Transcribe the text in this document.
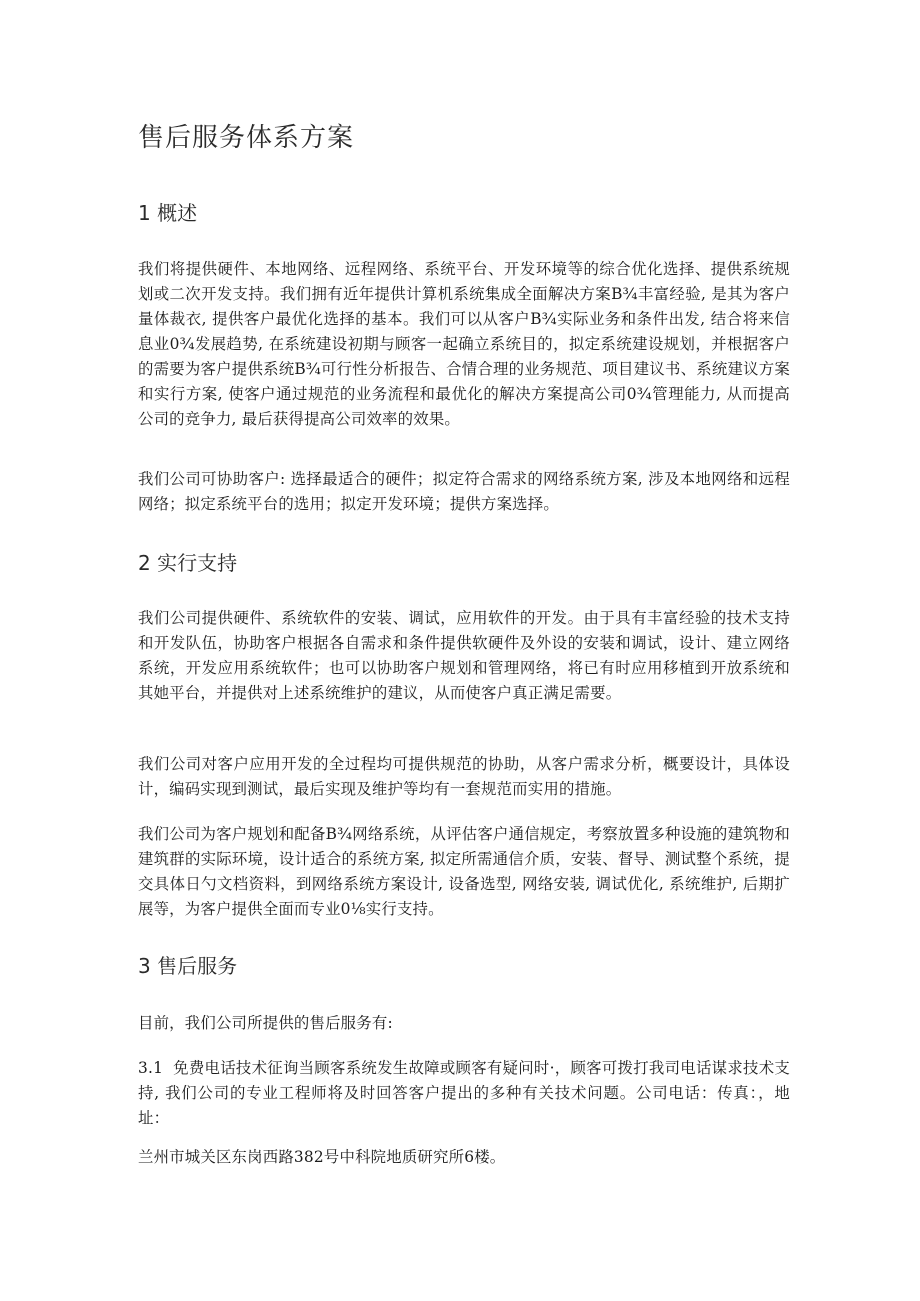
售后服务体系方案
1 概述

我们将提供硬件、本地网络、远程网络、系统平台、开发环境等的综合优化选择、提供系统规划或二次开发支持。我们拥有近年提供计算机系统集成全面解决方案B¾丰富经验, 是其为客户量体裁衣, 提供客户最优化选择的基本。我们可以从客户B¾实际业务和条件出发, 结合将来信息业0¾发展趋势, 在系统建设初期与顾客一起确立系统目的，拟定系统建设规划，并根据客户的需要为客户提供系统B¾可行性分析报告、合情合理的业务规范、项目建议书、系统建议方案和实行方案, 使客户通过规范的业务流程和最优化的解决方案提高公司0¾管理能力, 从而提高公司的竞争力, 最后获得提高公司效率的效果。

我们公司可协助客户: 选择最适合的硬件；拟定符合需求的网络系统方案, 涉及本地网络和远程网络；拟定系统平台的选用；拟定开发环境；提供方案选择。

2 实行支持

我们公司提供硬件、系统软件的安装、调试，应用软件的开发。由于具有丰富经验的技术支持和开发队伍，协助客户根据各自需求和条件提供软硬件及外设的安装和调试，设计、建立网络系统，开发应用系统软件；也可以协助客户规划和管理网络，将已有时应用移植到开放系统和其她平台，并提供对上述系统维护的建议，从而使客户真正满足需要。

我们公司对客户应用开发的全过程均可提供规范的协助，从客户需求分析，概要设计，具体设计，编码实现到测试，最后实现及维护等均有一套规范而实用的措施。

我们公司为客户规划和配备B¾网络系统，从评估客户通信规定，考察放置多种设施的建筑物和建筑群的实际环境，设计适合的系统方案, 拟定所需通信介质，安装、督导、测试整个系统，提交具体日勺文档资料，到网络系统方案设计, 设备选型, 网络安装, 调试优化, 系统维护, 后期扩展等，为客户提供全面而专业0⅛实行支持。

3 售后服务

目前，我们公司所提供的售后服务有:

3.1 免费电话技术征询当顾客系统发生故障或顾客有疑问时·，顾客可拨打我司电话谋求技术支持, 我们公司的专业工程师将及时回答客户提出的多种有关技术问题。公司电话：传真：，地址：

兰州市城关区东岗西路382号中科院地质研究所6楼。
